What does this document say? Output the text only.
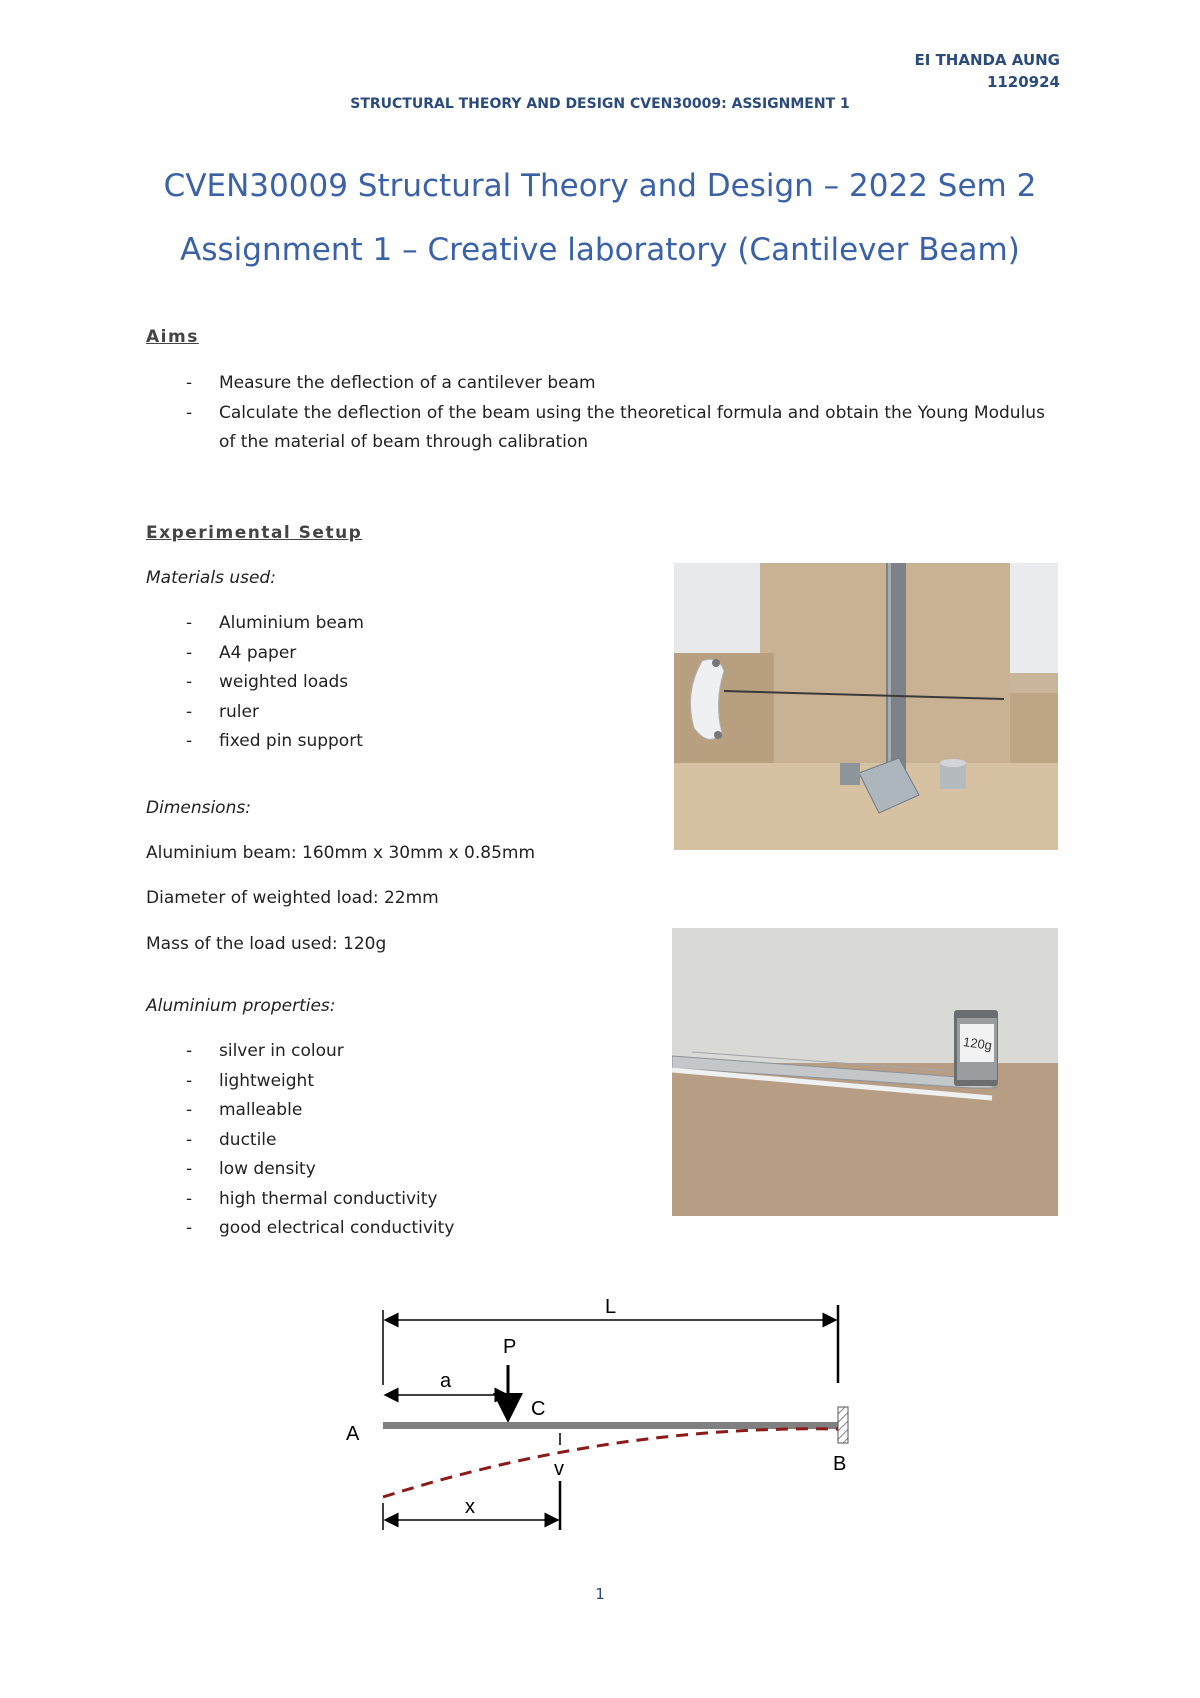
EI THANDA AUNG
1120924
STRUCTURAL THEORY AND DESIGN CVEN30009: ASSIGNMENT 1
CVEN30009 Structural Theory and Design – 2022 Sem 2
Assignment 1 – Creative laboratory (Cantilever Beam)
Aims
- Measure the deflection of a cantilever beam
- Calculate the deflection of the beam using the theoretical formula and obtain the Young Modulus of the material of beam through calibration
Experimental Setup
Materials used:
- Aluminium beam
- A4 paper
- weighted loads
- ruler
- fixed pin support
Dimensions:
Aluminium beam: 160mm x 30mm x 0.85mm
Diameter of weighted load: 22mm
Mass of the load used: 120g
Aluminium properties:
- silver in colour
- lightweight
- malleable
- ductile
- low density
- high thermal conductivity
- good electrical conductivity
120g
L
a
P
C
A
B
v
x
1
